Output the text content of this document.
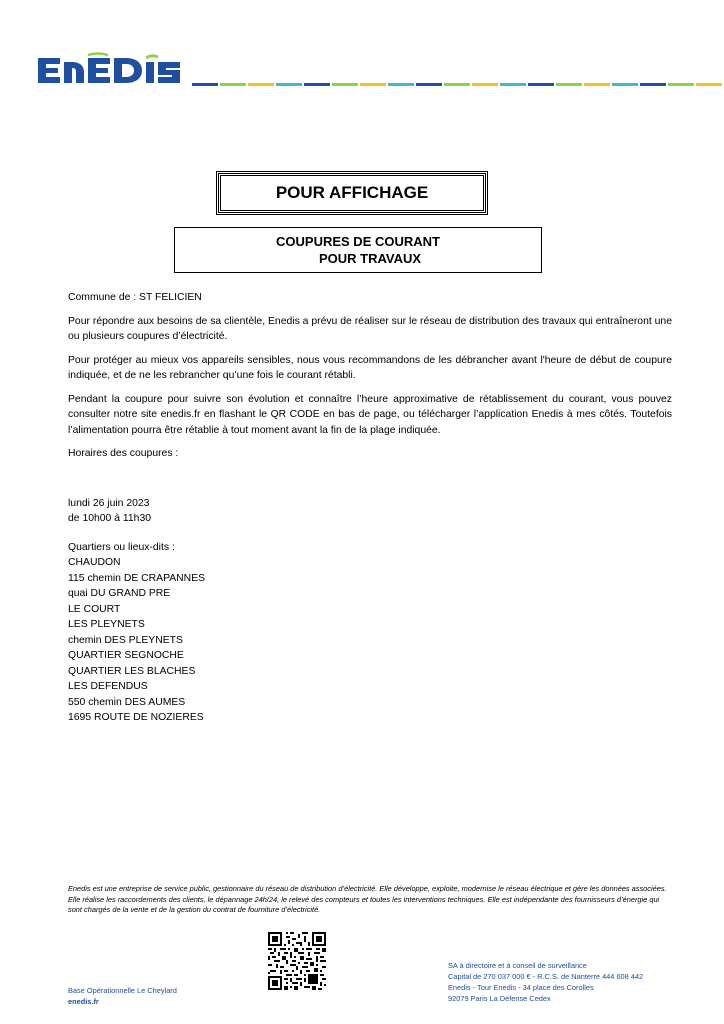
POUR AFFICHAGE
COUPURES DE COURANT
POUR TRAVAUX

Commune de : ST FELICIEN

Pour répondre aux besoins de sa clientèle, Enedis a prévu de réaliser sur le réseau de distribution des travaux qui entraîneront une ou plusieurs coupures d’électricité.

Pour protéger au mieux vos appareils sensibles, nous vous recommandons de les débrancher avant l'heure de début de coupure indiquée, et de ne les rebrancher qu’une fois le courant rétabli.

Pendant la coupure pour suivre son évolution et connaître l’heure approximative de rétablissement du courant, vous pouvez consulter notre site enedis.fr en flashant le QR CODE en bas de page, ou télécharger l’application Enedis à mes côtés. Toutefois l’alimentation pourra être rétablie à tout moment avant la fin de la plage indiquée.

Horaires des coupures :

lundi 26 juin 2023
de 10h00 à 11h30
Quartiers ou lieux-dits :
CHAUDON
115 chemin DE CRAPANNES
quai DU GRAND PRE
LE COURT
LES PLEYNETS
chemin DES PLEYNETS
QUARTIER SEGNOCHE
QUARTIER LES BLACHES
LES DEFENDUS
550 chemin DES AUMES
1695 ROUTE DE NOZIERES
Enedis est une entreprise de service public, gestionnaire du réseau de distribution d’électricité. Elle développe, exploite, modernise le réseau électrique et gère les données associées. Elle réalise les raccordements des clients, le dépannage 24h/24, le relevé des compteurs et toutes les interventions techniques. Elle est indépendante des fournisseurs d’énergie qui sont chargés de la vente et de la gestion du contrat de fourniture d’électricité.
Base Opérationnelle Le Cheylard
enedis.fr
SA à directoire et à conseil de surveillance
Capital de 270 037 000 € - R.C.S. de Nanterre 444 608 442
Enedis - Tour Enedis - 34 place des Corolles
92079 Paris La Défense Cedex
